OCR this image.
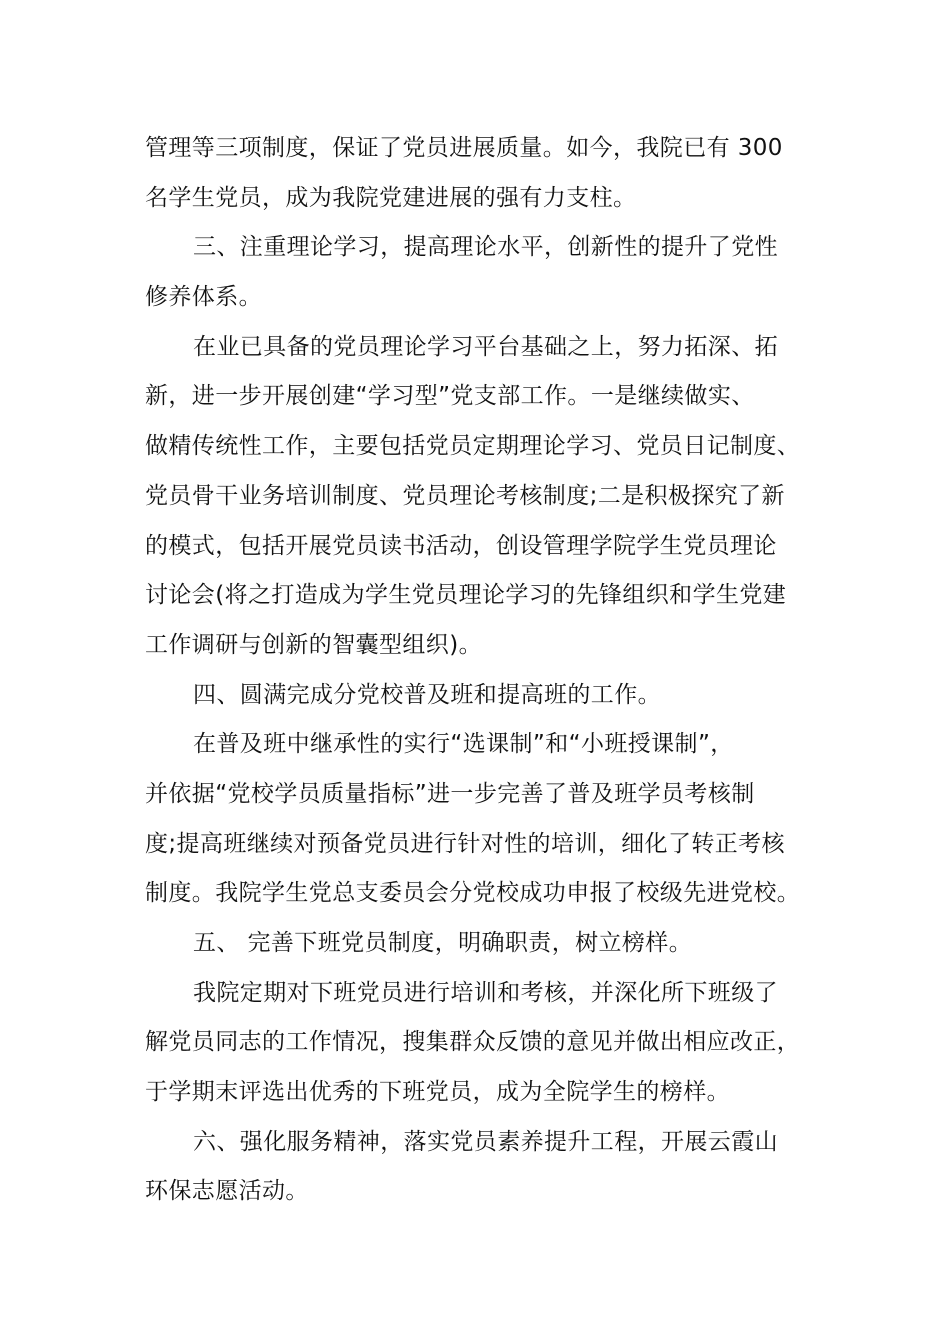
管理等三项制度，保证了党员进展质量。如今，我院已有 300
名学生党员，成为我院党建进展的强有力支柱。
三、注重理论学习，提高理论水平，创新性的提升了党性
修养体系。
在业已具备的党员理论学习平台基础之上，努力拓深、拓
新，进一步开展创建“学习型”党支部工作。一是继续做实、
做精传统性工作，主要包括党员定期理论学习、党员日记制度、
党员骨干业务培训制度、党员理论考核制度;二是积极探究了新
的模式，包括开展党员读书活动，创设管理学院学生党员理论
讨论会(将之打造成为学生党员理论学习的先锋组织和学生党建
工作调研与创新的智囊型组织)。
四、圆满完成分党校普及班和提高班的工作。
在普及班中继承性的实行“选课制”和“小班授课制”，
并依据“党校学员质量指标”进一步完善了普及班学员考核制
度;提高班继续对预备党员进行针对性的培训，细化了转正考核
制度。我院学生党总支委员会分党校成功申报了校级先进党校。
五、 完善下班党员制度，明确职责，树立榜样。
我院定期对下班党员进行培训和考核，并深化所下班级了
解党员同志的工作情况，搜集群众反馈的意见并做出相应改正，
于学期末评选出优秀的下班党员，成为全院学生的榜样。
六、强化服务精神，落实党员素养提升工程，开展云霞山
环保志愿活动。
